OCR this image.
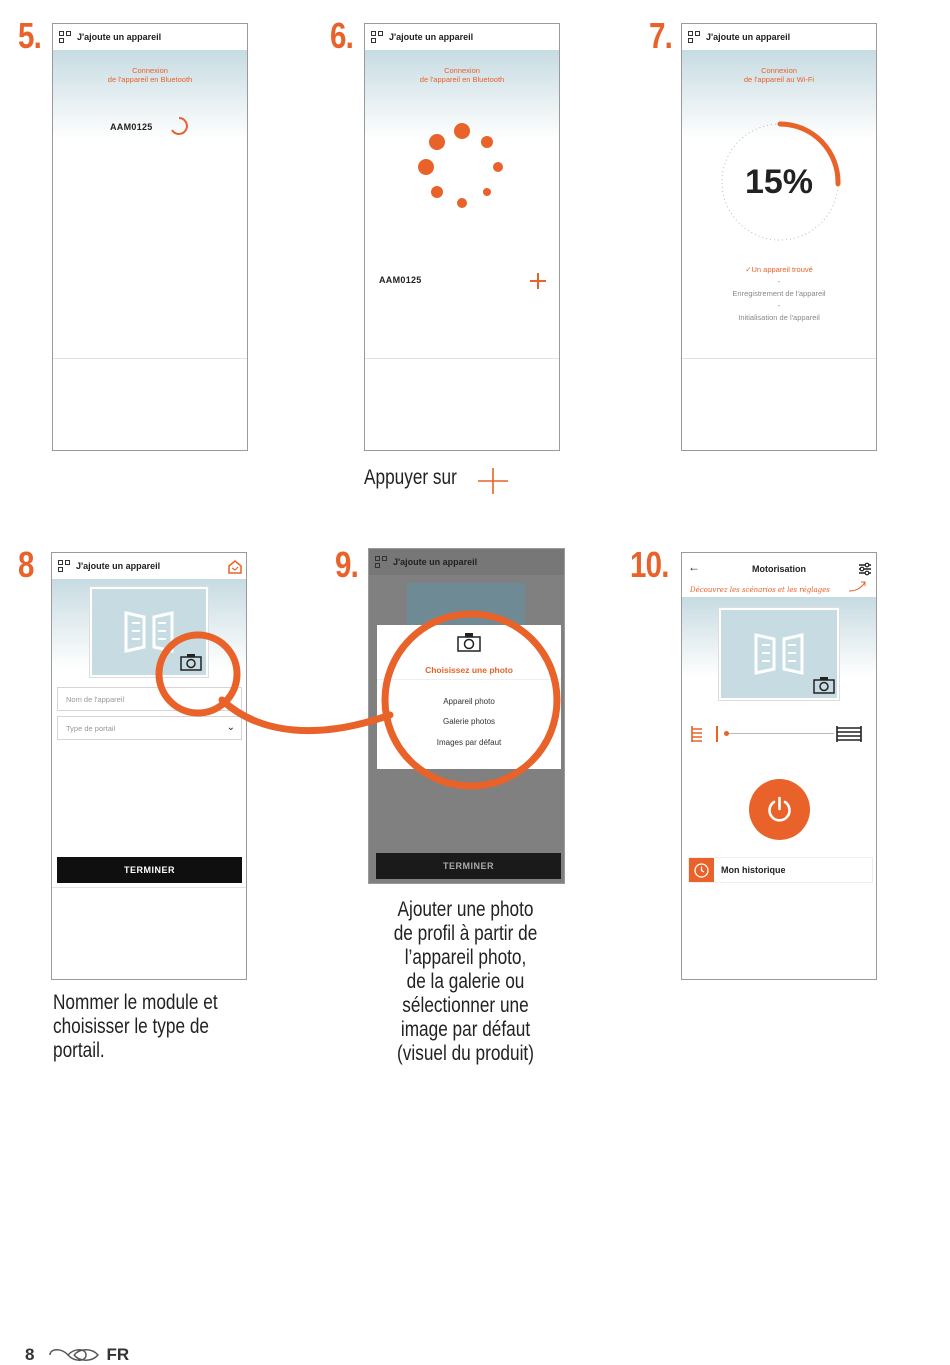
5.	6.	7.
8	9.	10.
J'ajoute un appareil
Connexion
de l'appareil en Bluetooth
AAM0125
J'ajoute un appareil
Connexion
de l'appareil en Bluetooth
AAM0125
J'ajoute un appareil
Connexion
de l'appareil au Wi-Fi
15%
✓Un appareil trouvé
-
Enregistrement de l'appareil
-
Initialisation de l'appareil
Appuyer sur
J'ajoute un appareil
Nom de l'appareil
Type de portail	⌄
TERMINER
J'ajoute un appareil
Choisissez une photo
Appareil photo
Galerie photos
Images par défaut
TERMINER
←	Motorisation
Découvrez les scénarios et les réglages
Mon historique
Nommer le module et
choisisser le type de
portail.
Ajouter une photo
de profil à partir de
l’appareil photo,
de la galerie ou
sélectionner une
image par défaut
(visuel du produit)
8	FR
